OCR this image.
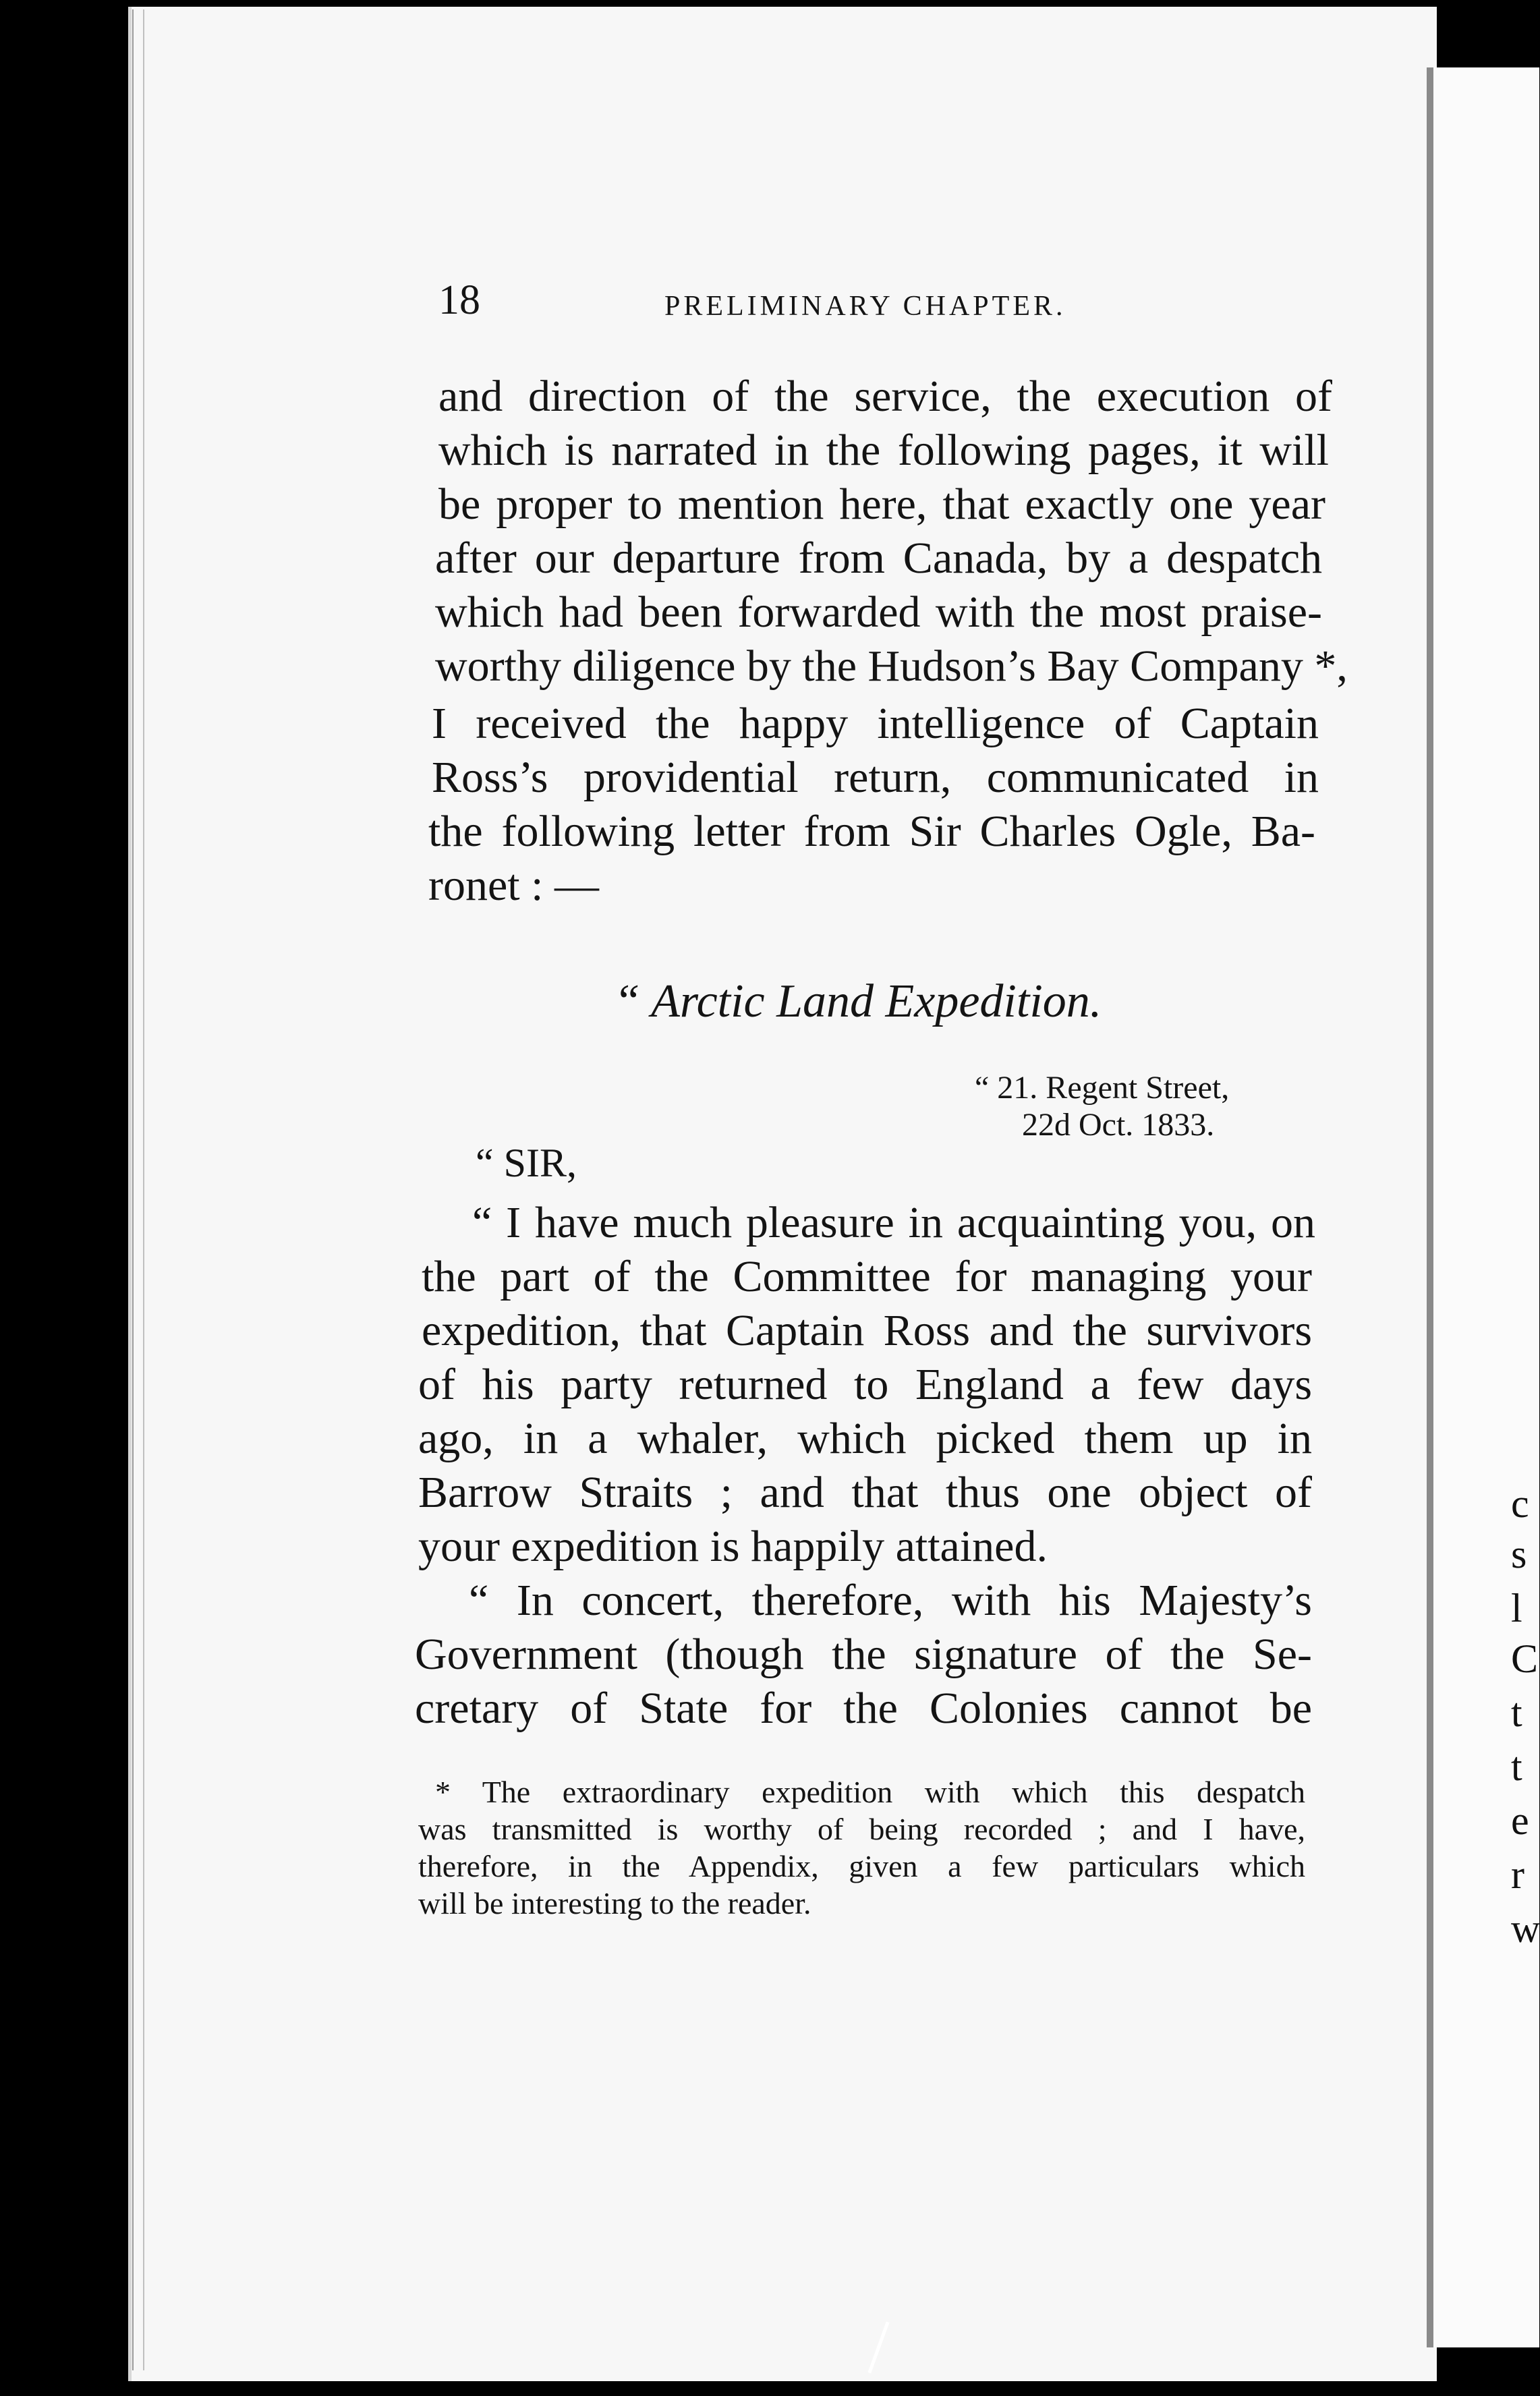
c
s
l
C
t
t
e
r
w
18	PRELIMINARY CHAPTER.
and direction of the service, the execution of
which is narrated in the following pages, it will
be proper to mention here, that exactly one year
after our departure from Canada, by a despatch
which had been forwarded with the most praise-
worthy diligence by the Hudson’s Bay Company *,
I received the happy intelligence of Captain
Ross’s providential return, communicated in
the following letter from Sir Charles Ogle, Ba-
ronet : —
“ Arctic Land Expedition.
“ 21. Regent Street,
22d Oct. 1833.
“ SIR,
“ I have much pleasure in acquainting you, on
the part of the Committee for managing your
expedition, that Captain Ross and the survivors
of his party returned to England a few days
ago, in a whaler, which picked them up in
Barrow Straits ; and that thus one object of
your expedition is happily attained.
“ In concert, therefore, with his Majesty’s
Government (though the signature of the Se-
cretary of State for the Colonies cannot be
* The extraordinary expedition with which this despatch
was transmitted is worthy of being recorded ; and I have,
therefore, in the Appendix, given a few particulars which
will be interesting to the reader.
